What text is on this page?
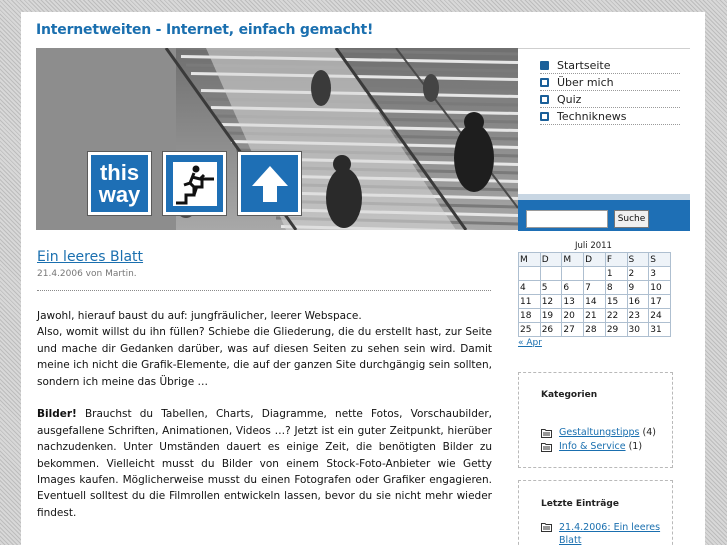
Internetweiten - Internet, einfach gemacht!
this
way
Startseite
Über mich
Quiz
Techniknews
Suche
Ein leeres Blatt
21.4.2006 von Martin.

Jawohl, hierauf baust du auf: jungfräulicher, leerer Webspace.
Also, womit willst du ihn füllen? Schiebe die Gliederung, die du erstellt hast, zur Seite und mache dir Gedanken darüber, was auf diesen Seiten zu sehen sein wird. Damit meine ich nicht die Grafik-Elemente, die auf der ganzen Site durchgängig sein sollten, sondern ich meine das Übrige …

Bilder! Brauchst du Tabellen, Charts, Diagramme, nette Fotos, Vorschaubilder, ausgefallene Schriften, Animationen, Videos …? Jetzt ist ein guter Zeitpunkt, hierüber nachzudenken. Unter Umständen dauert es einige Zeit, die benötigten Bilder zu bekommen. Vielleicht musst du Bilder von einem Stock-Foto-Anbieter wie Getty Images kaufen. Möglicherweise musst du einen Fotografen oder Grafiker engagieren. Eventuell solltest du die Filmrollen entwickeln lassen, bevor du sie nicht mehr wieder findest.

Juli 2011
M	D	M	D	F	S	S
				1	2	3
4	5	6	7	8	9	10
11	12	13	14	15	16	17
18	19	20	21	22	23	24
25	26	27	28	29	30	31
« Apr
Kategorien
Gestaltungstipps
(4)
Info & Service
(1)
Letzte Einträge
21.4.2006: Ein leeres Blatt
